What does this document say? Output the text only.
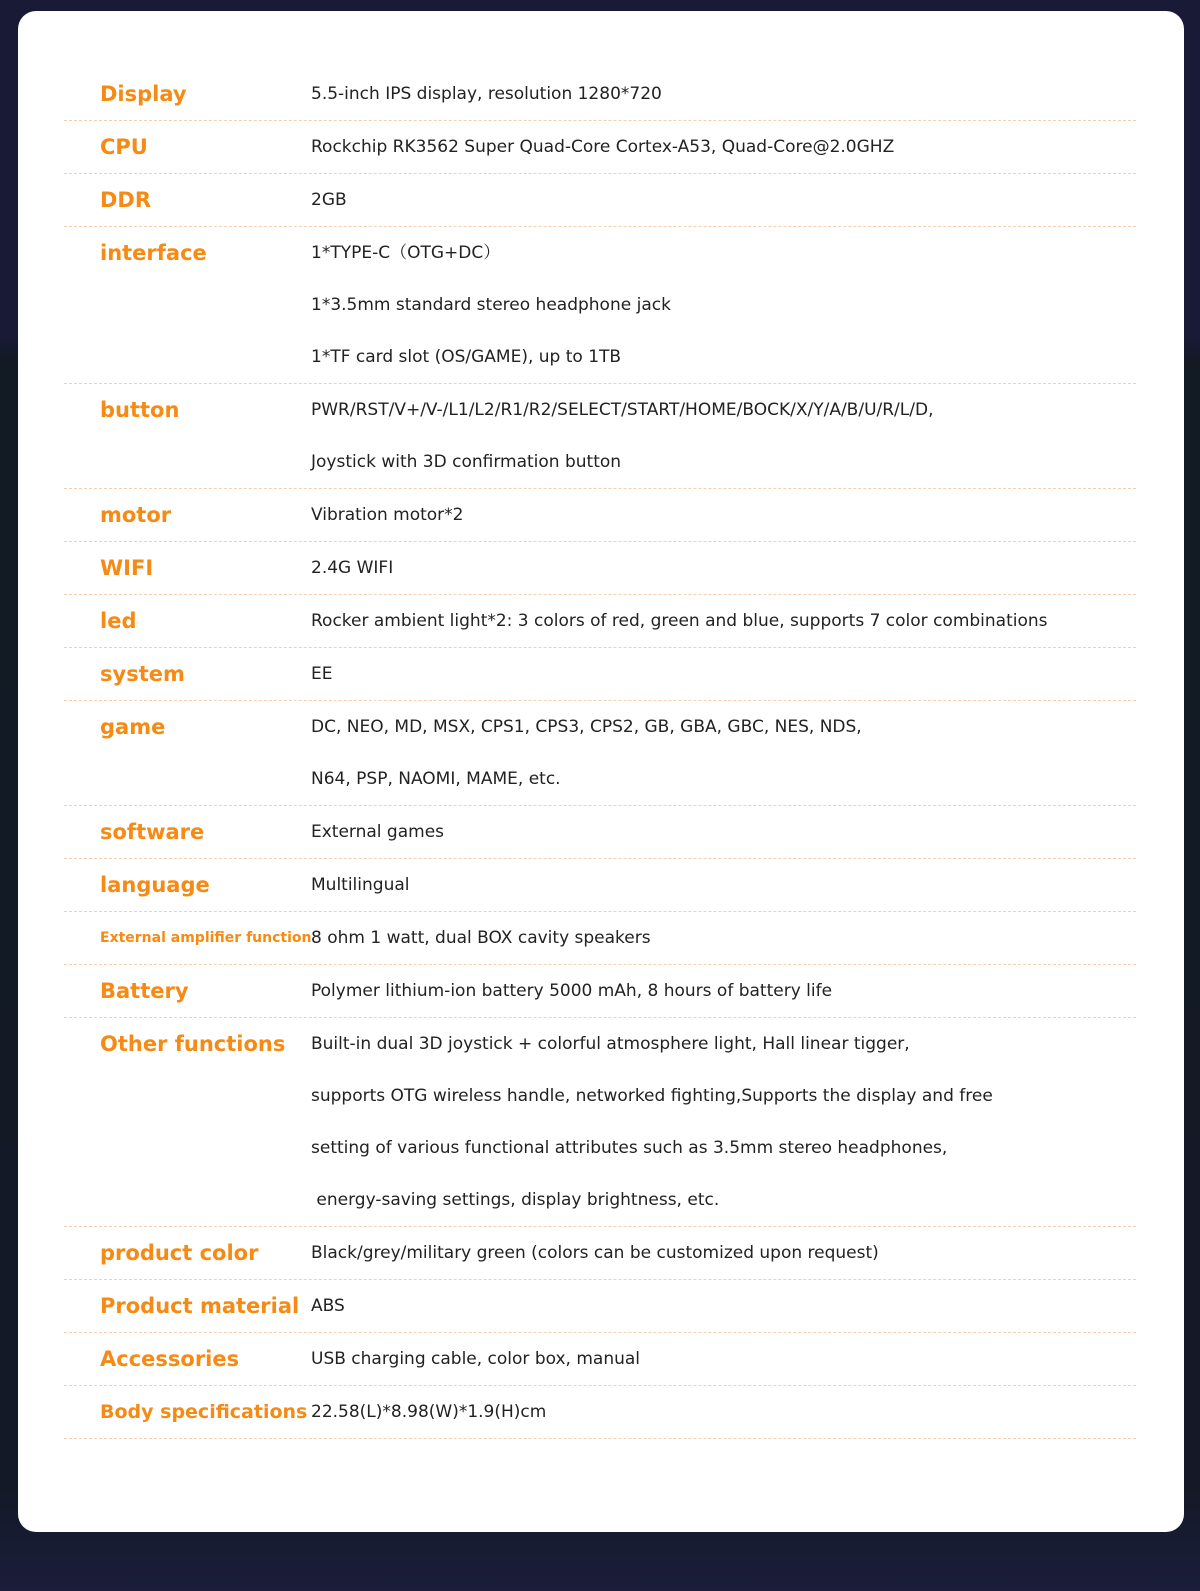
Display	5.5-inch IPS display, resolution 1280*720
CPU	Rockchip RK3562 Super Quad-Core Cortex-A53, Quad-Core@2.0GHZ
DDR	2GB
interface	1*TYPE-C（OTG+DC）
1*3.5mm standard stereo headphone jack
1*TF card slot (OS/GAME), up to 1TB
button	PWR/RST/V+/V-/L1/L2/R1/R2/SELECT/START/HOME/BOCK/X/Y/A/B/U/R/L/D,
Joystick with 3D confirmation button
motor	Vibration motor*2
WIFI	2.4G WIFI
led	Rocker ambient light*2: 3 colors of red, green and blue, supports 7 color combinations
system	EE
game	DC, NEO, MD, MSX, CPS1, CPS3, CPS2, GB, GBA, GBC, NES, NDS,
N64, PSP, NAOMI, MAME, etc.
software	External games
language	Multilingual
External amplifier function 8 ohm 1 watt, dual BOX cavity speakers
Battery	Polymer lithium-ion battery 5000 mAh, 8 hours of battery life
Other functions	Built-in dual 3D joystick + colorful atmosphere light, Hall linear tigger,
supports OTG wireless handle, networked fighting,Supports the display and free
setting of various functional attributes such as 3.5mm stereo headphones,
energy-saving settings, display brightness, etc.
product color	Black/grey/military green (colors can be customized upon request)
Product material ABS
Accessories	USB charging cable, color box, manual
Body specifications 22.58(L)*8.98(W)*1.9(H)cm
